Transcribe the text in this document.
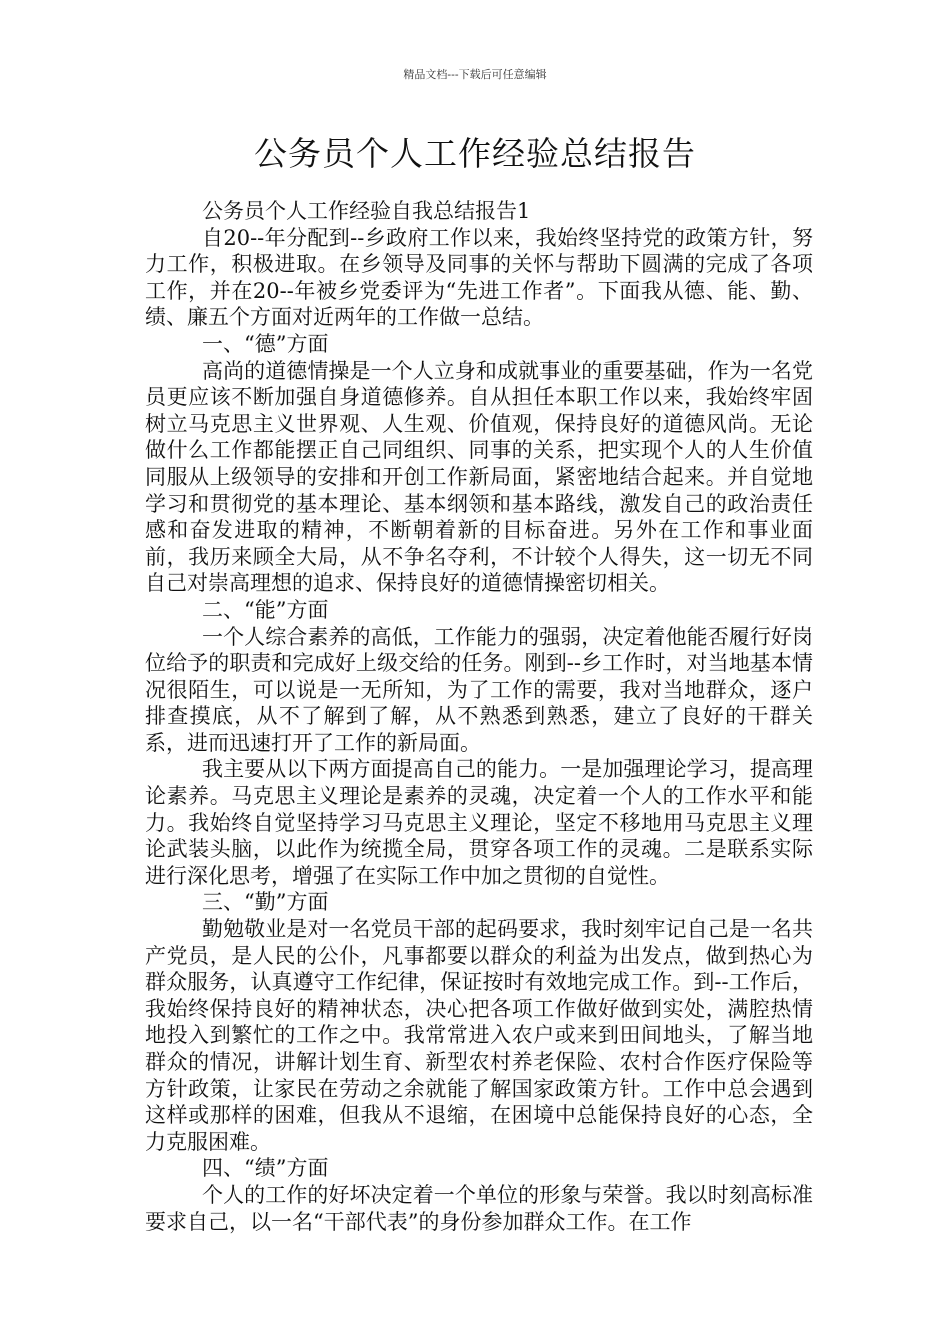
精品文档---下载后可任意编辑
公务员个人工作经验总结报告

公务员个人工作经验自我总结报告1

自20--年分配到--乡政府工作以来，我始终坚持党的政策方针，努力工作，积极进取。在乡领导及同事的关怀与帮助下圆满的完成了各项工作，并在20--年被乡党委评为“先进工作者”。下面我从德、能、勤、绩、廉五个方面对近两年的工作做一总结。

一、“德”方面

高尚的道德情操是一个人立身和成就事业的重要基础，作为一名党员更应该不断加强自身道德修养。自从担任本职工作以来，我始终牢固树立马克思主义世界观、人生观、价值观，保持良好的道德风尚。无论做什么工作都能摆正自己同组织、同事的关系，把实现个人的人生价值同服从上级领导的安排和开创工作新局面，紧密地结合起来。并自觉地学习和贯彻党的基本理论、基本纲领和基本路线，激发自己的政治责任感和奋发进取的精神，不断朝着新的目标奋进。另外在工作和事业面前，我历来顾全大局，从不争名夺利，不计较个人得失，这一切无不同自己对崇高理想的追求、保持良好的道德情操密切相关。

二、“能”方面

一个人综合素养的高低，工作能力的强弱，决定着他能否履行好岗位给予的职责和完成好上级交给的任务。刚到--乡工作时，对当地基本情况很陌生，可以说是一无所知，为了工作的需要，我对当地群众，逐户排查摸底，从不了解到了解，从不熟悉到熟悉，建立了良好的干群关系，进而迅速打开了工作的新局面。

我主要从以下两方面提高自己的能力。一是加强理论学习，提高理论素养。马克思主义理论是素养的灵魂，决定着一个人的工作水平和能力。我始终自觉坚持学习马克思主义理论，坚定不移地用马克思主义理论武装头脑，以此作为统揽全局，贯穿各项工作的灵魂。二是联系实际进行深化思考，增强了在实际工作中加之贯彻的自觉性。

三、“勤”方面

勤勉敬业是对一名党员干部的起码要求，我时刻牢记自己是一名共产党员，是人民的公仆，凡事都要以群众的利益为出发点，做到热心为群众服务，认真遵守工作纪律，保证按时有效地完成工作。到--工作后，我始终保持良好的精神状态，决心把各项工作做好做到实处，满腔热情地投入到繁忙的工作之中。我常常进入农户或来到田间地头，了解当地群众的情况，讲解计划生育、新型农村养老保险、农村合作医疗保险等方针政策，让家民在劳动之余就能了解国家政策方针。工作中总会遇到这样或那样的困难，但我从不退缩，在困境中总能保持良好的心态，全力克服困难。

四、“绩”方面

个人的工作的好坏决定着一个单位的形象与荣誉。我以时刻高标准要求自己，以一名“干部代表”的身份参加群众工作。在工作
